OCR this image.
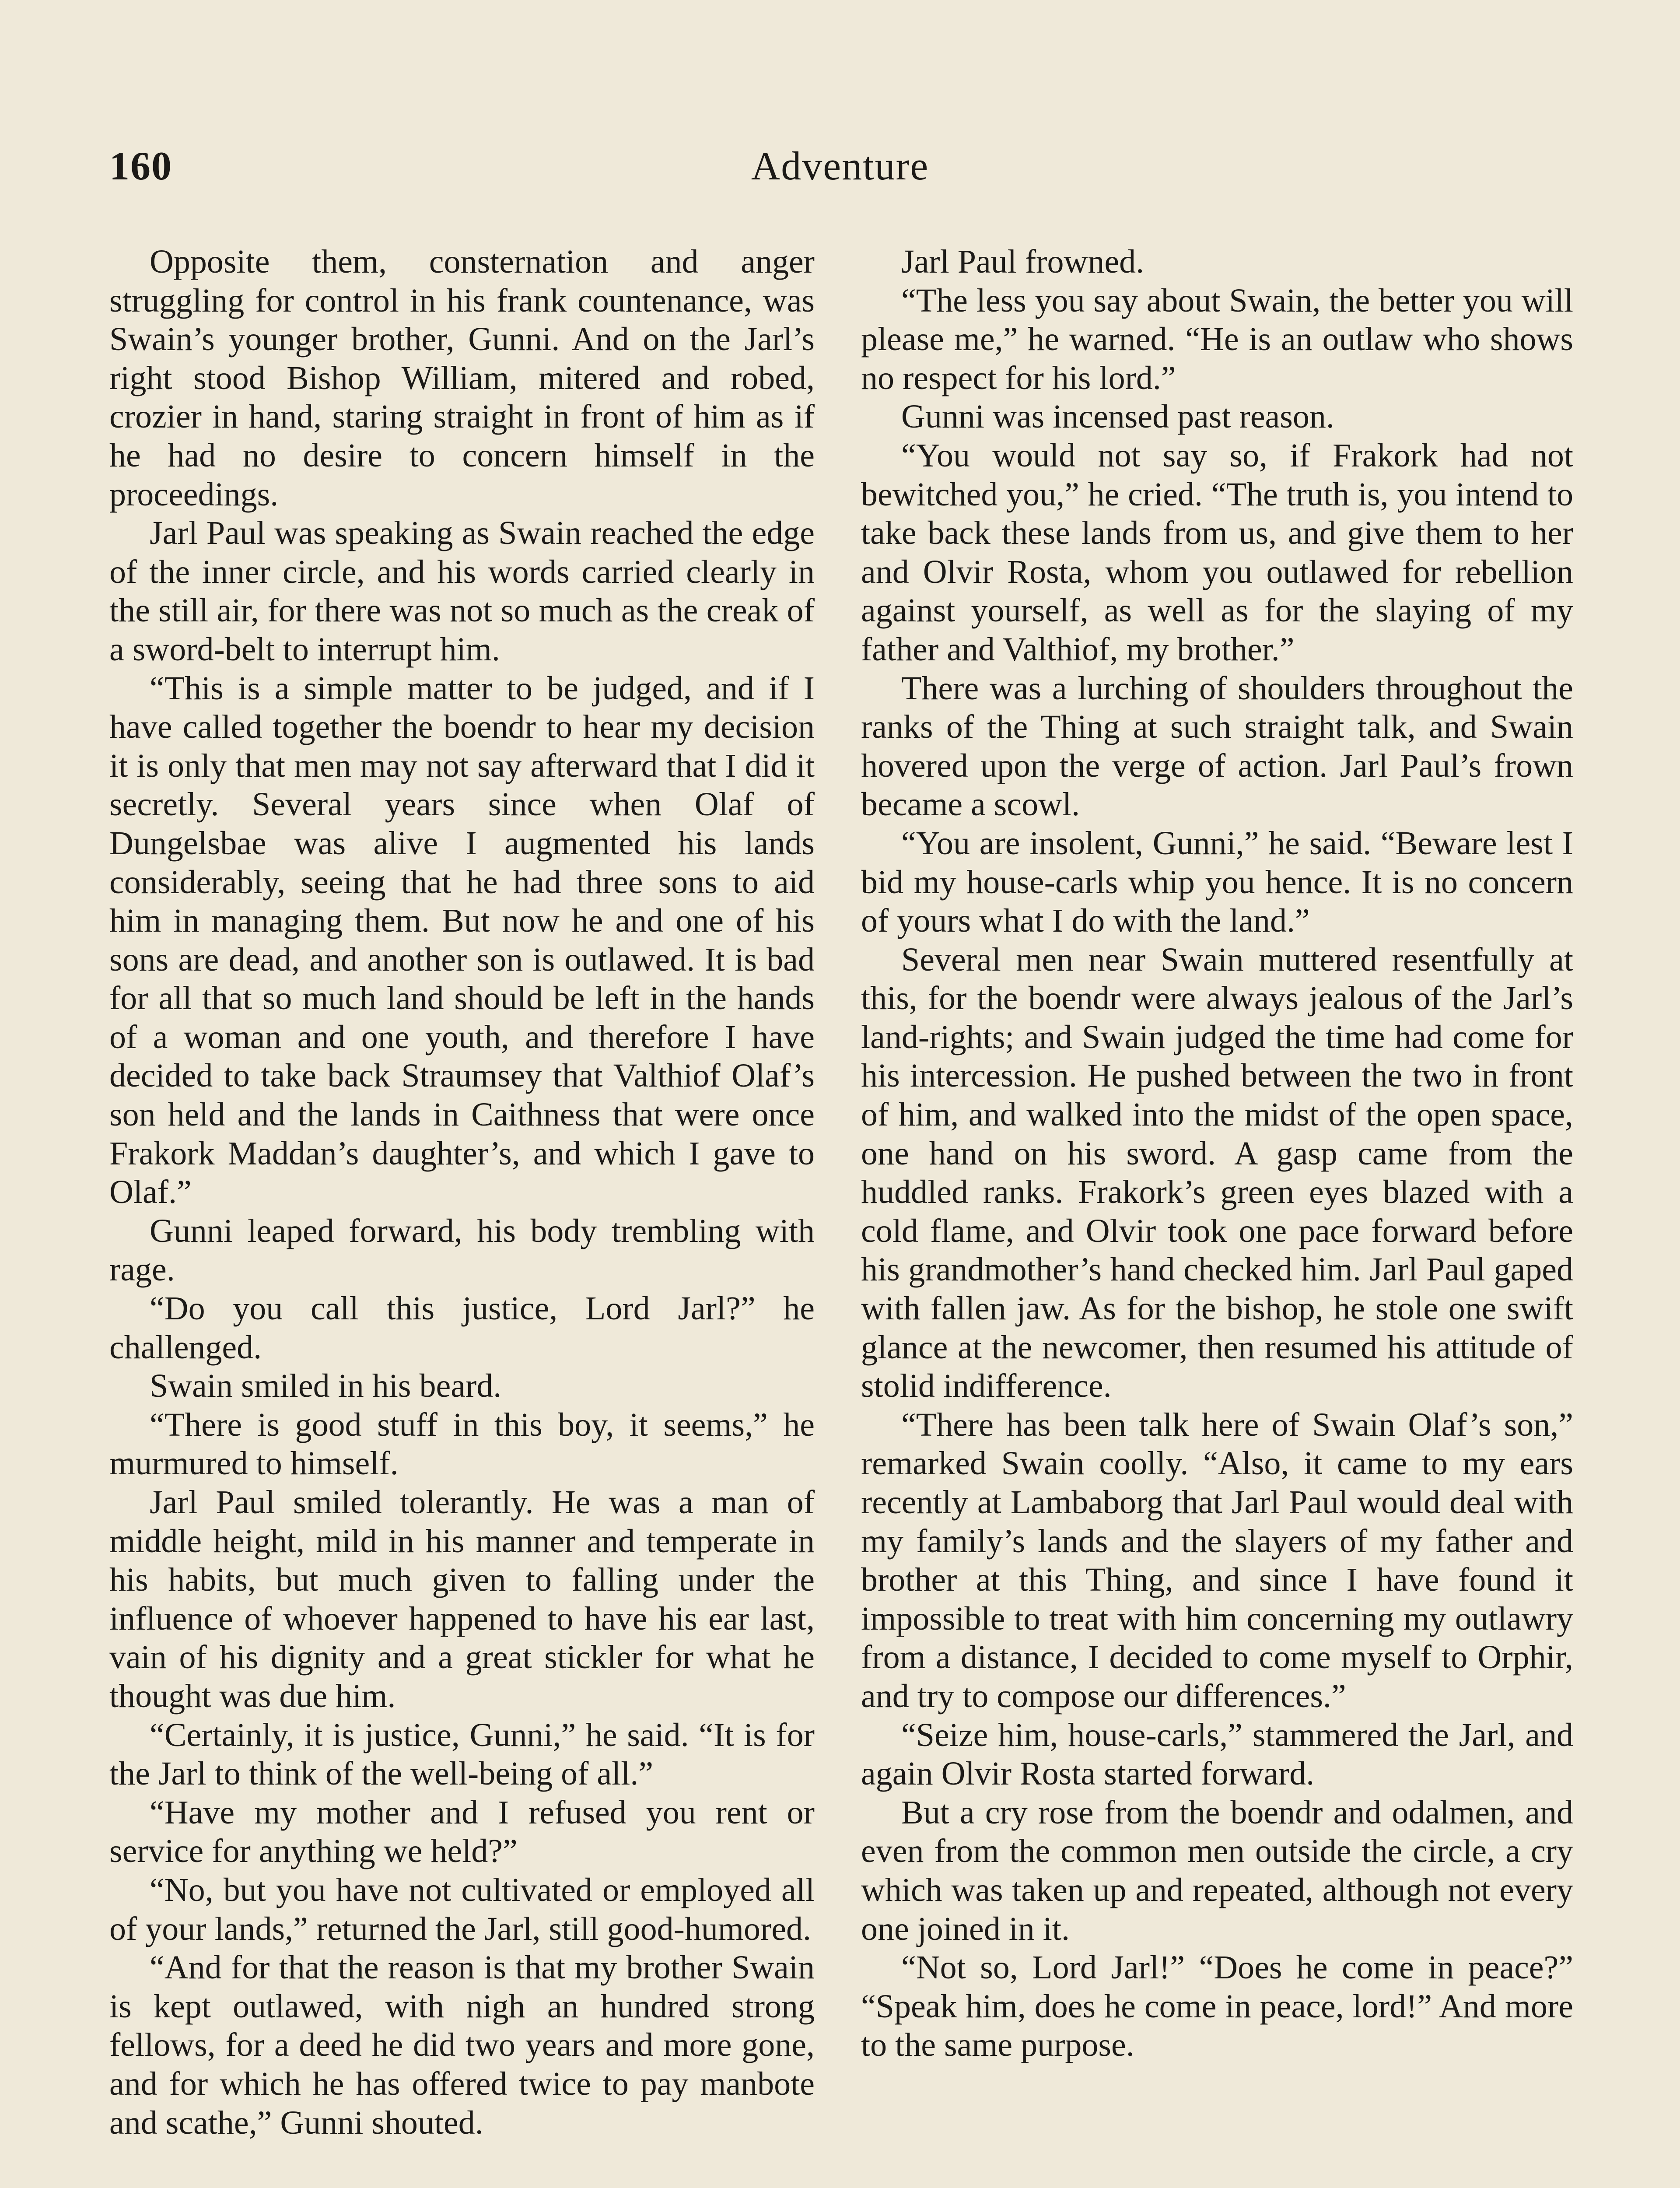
160	Adventure

Opposite them, consternation and anger struggling for control in his frank countenance, was Swain’s younger brother, Gunni. And on the Jarl’s right stood Bishop William, mitered and robed, crozier in hand, staring straight in front of him as if he had no desire to concern himself in the proceedings.

Jarl Paul was speaking as Swain reached the edge of the inner circle, and his words carried clearly in the still air, for there was not so much as the creak of a sword-belt to interrupt him.

“This is a simple matter to be judged, and if I have called together the boendr to hear my decision it is only that men may not say afterward that I did it secretly. Several years since when Olaf of Dungelsbae was alive I augmented his lands considerably, seeing that he had three sons to aid him in managing them. But now he and one of his sons are dead, and another son is outlawed. It is bad for all that so much land should be left in the hands of a woman and one youth, and therefore I have decided to take back Straumsey that Valthiof Olaf’s son held and the lands in Caithness that were once Frakork Maddan’s daughter’s, and which I gave to Olaf.”

Gunni leaped forward, his body trembling with rage.

“Do you call this justice, Lord Jarl?” he challenged.

Swain smiled in his beard.

“There is good stuff in this boy, it seems,” he murmured to himself.

Jarl Paul smiled tolerantly. He was a man of middle height, mild in his manner and temperate in his habits, but much given to falling under the influence of whoever happened to have his ear last, vain of his dignity and a great stickler for what he thought was due him.

“Certainly, it is justice, Gunni,” he said. “It is for the Jarl to think of the well-being of all.”

“Have my mother and I refused you rent or service for anything we held?”

“No, but you have not cultivated or employed all of your lands,” returned the Jarl, still good-humored.

“And for that the reason is that my brother Swain is kept outlawed, with nigh an hundred strong fellows, for a deed he did two years and more gone, and for which he has offered twice to pay manbote and scathe,” Gunni shouted.

Jarl Paul frowned.

“The less you say about Swain, the better you will please me,” he warned. “He is an outlaw who shows no respect for his lord.”

Gunni was incensed past reason.

“You would not say so, if Frakork had not bewitched you,” he cried. “The truth is, you intend to take back these lands from us, and give them to her and Olvir Rosta, whom you outlawed for rebellion against yourself, as well as for the slaying of my father and Valthiof, my brother.”

There was a lurching of shoulders throughout the ranks of the Thing at such straight talk, and Swain hovered upon the verge of action. Jarl Paul’s frown became a scowl.

“You are insolent, Gunni,” he said. “Beware lest I bid my house-carls whip you hence. It is no concern of yours what I do with the land.”

Several men near Swain muttered resentfully at this, for the boendr were always jealous of the Jarl’s land-rights; and Swain judged the time had come for his intercession. He pushed between the two in front of him, and walked into the midst of the open space, one hand on his sword. A gasp came from the huddled ranks. Frakork’s green eyes blazed with a cold flame, and Olvir took one pace forward before his grandmother’s hand checked him. Jarl Paul gaped with fallen jaw. As for the bishop, he stole one swift glance at the newcomer, then resumed his attitude of stolid indifference.

“There has been talk here of Swain Olaf’s son,” remarked Swain coolly. “Also, it came to my ears recently at Lambaborg that Jarl Paul would deal with my family’s lands and the slayers of my father and brother at this Thing, and since I have found it impossible to treat with him concerning my outlawry from a distance, I decided to come myself to Orphir, and try to compose our differences.”

“Seize him, house-carls,” stammered the Jarl, and again Olvir Rosta started forward.

But a cry rose from the boendr and odalmen, and even from the common men outside the circle, a cry which was taken up and repeated, although not every one joined in it.

“Not so, Lord Jarl!” “Does he come in peace?” “Speak him, does he come in peace, lord!” And more to the same purpose.
